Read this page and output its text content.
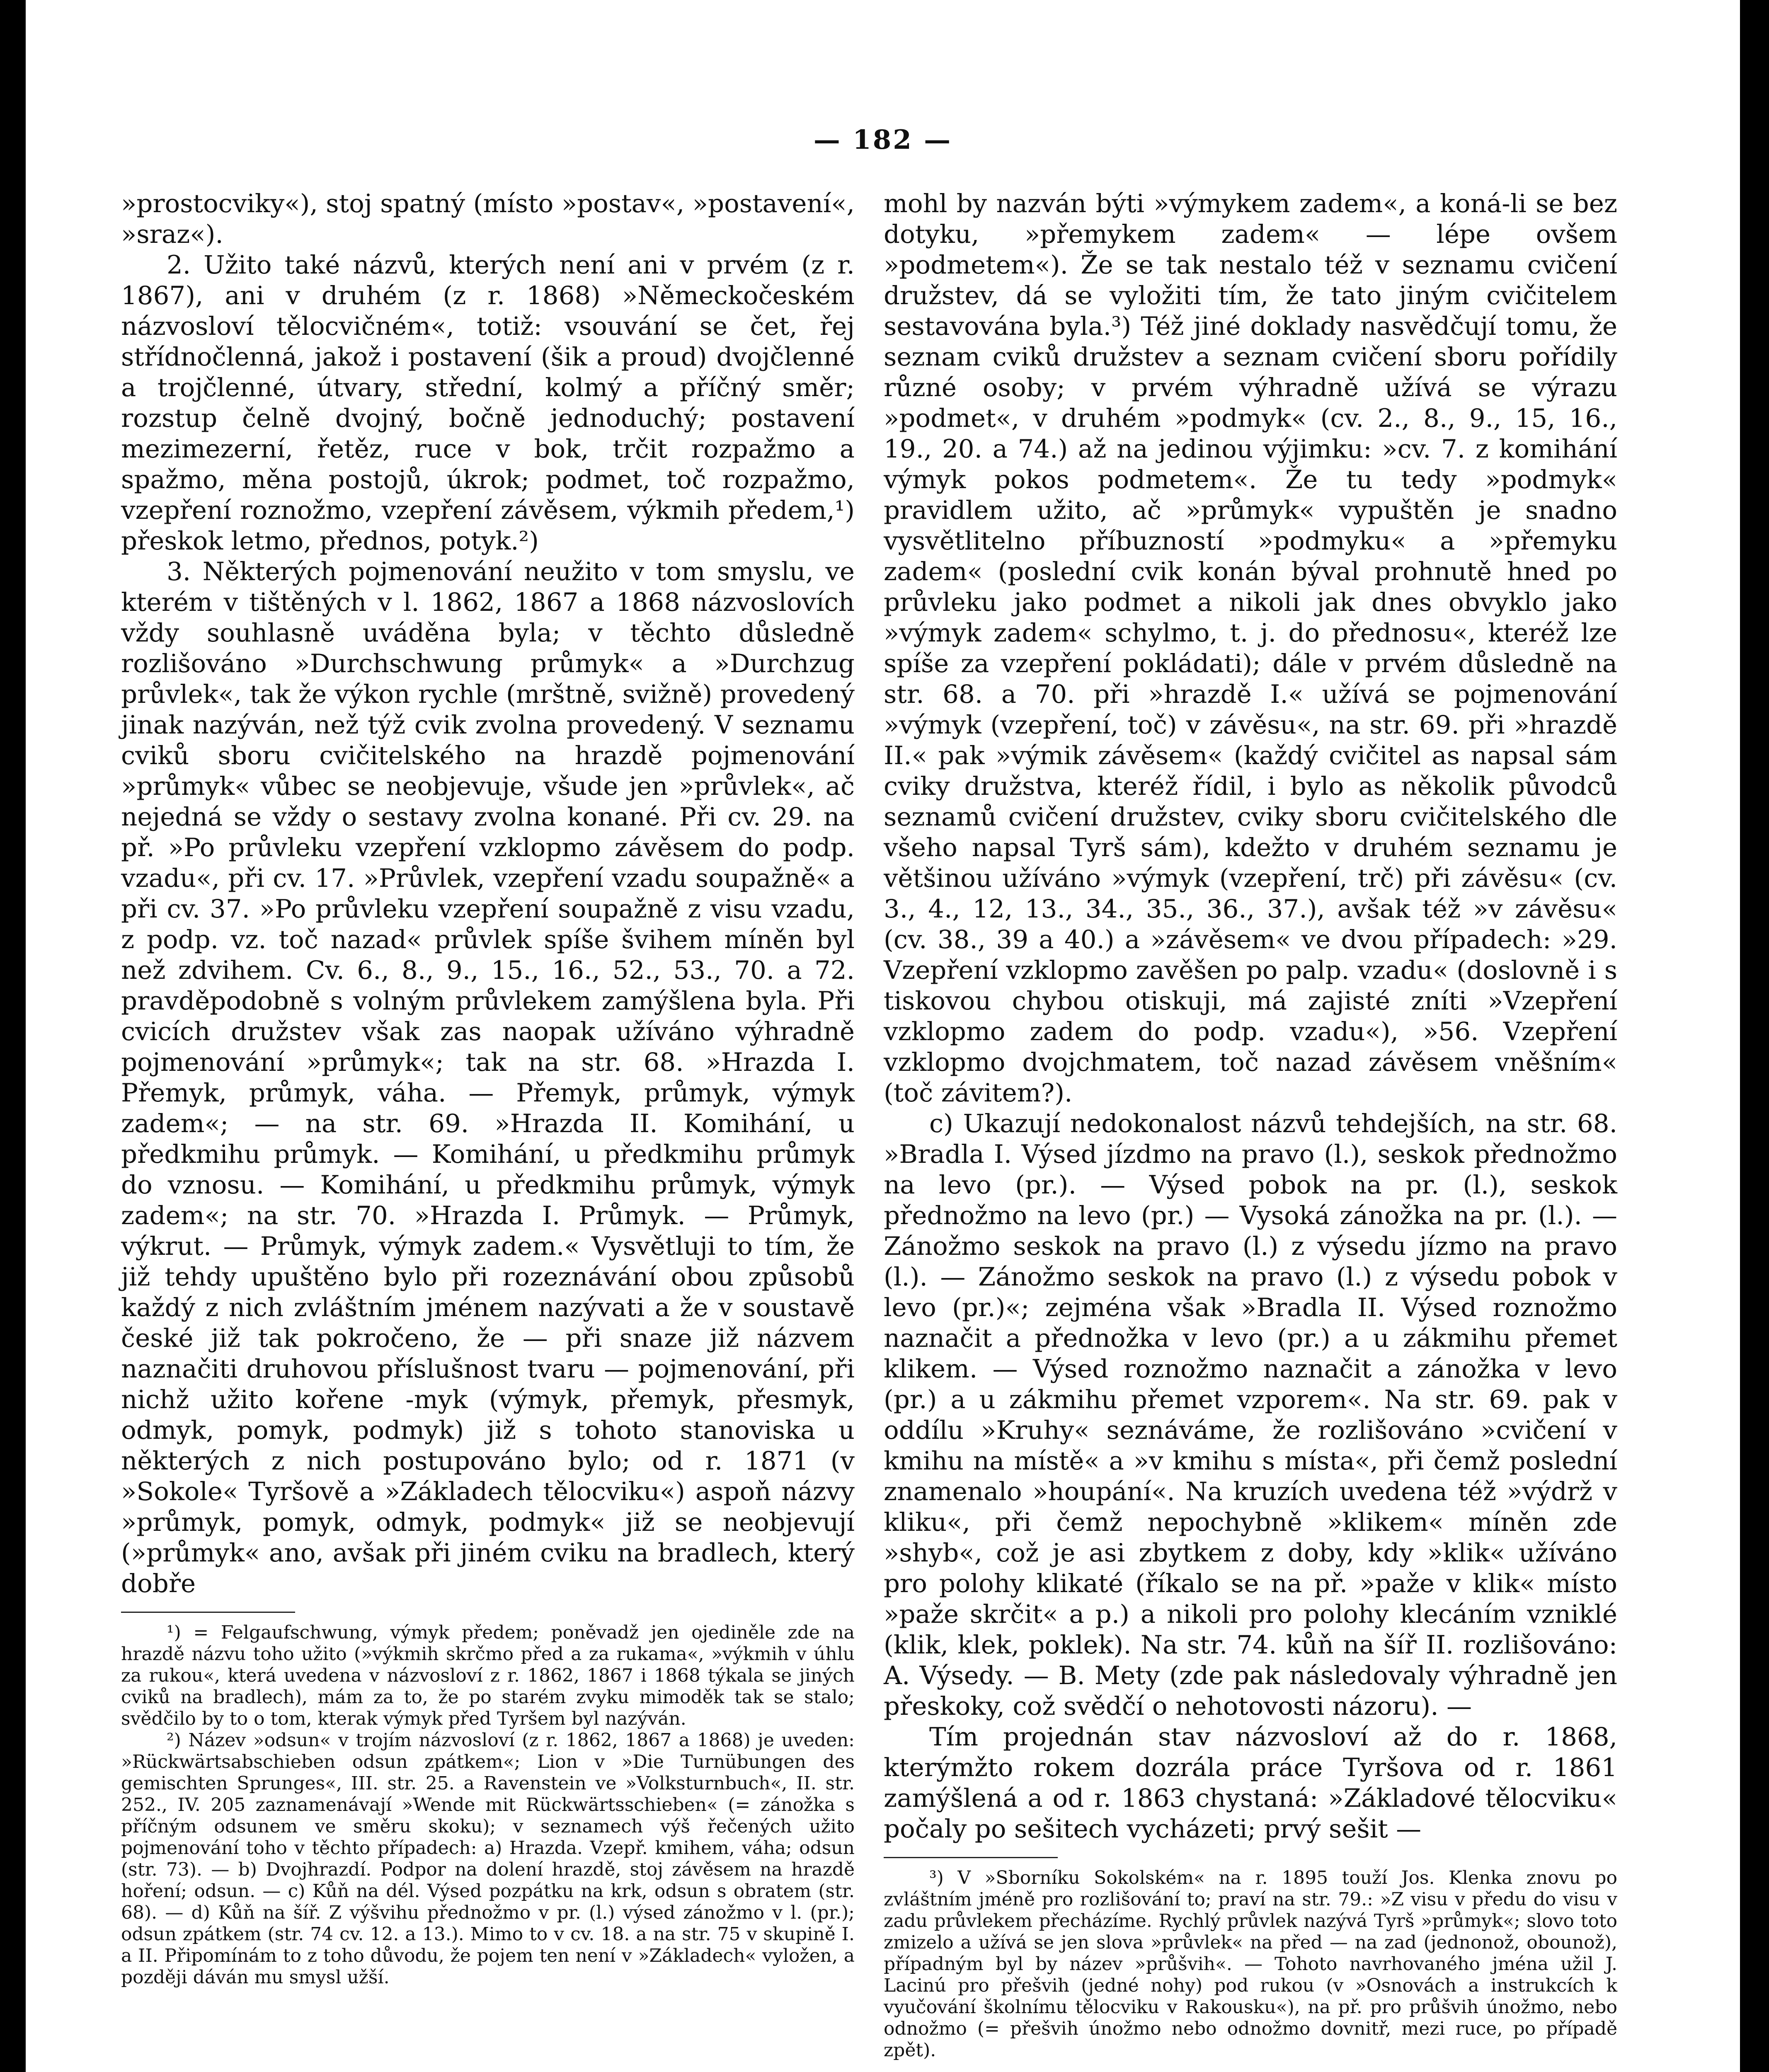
— 182 —

»prostocviky«), stoj spatný (místo »postav«, »postavení«, »sraz«).

2. Užito také názvů, kterých není ani v prvém (z r. 1867), ani v druhém (z r. 1868) »Německočeském názvosloví tělocvičném«, totiž: vsouvání se čet, řej střídnočlenná, jakož i postavení (šik a proud) dvojčlenné a trojčlenné, útvary, střední, kolmý a příčný směr; rozstup čelně dvojný, bočně jednoduchý; postavení mezimezerní, řetěz, ruce v bok, trčit rozpažmo a spažmo, měna postojů, úkrok; podmet, toč rozpažmo, vzepření roznožmo, vzepření závěsem, výkmih předem,¹) přeskok letmo, přednos, potyk.²)

3. Některých pojmenování neužito v tom smyslu, ve kterém v tištěných v l. 1862, 1867 a 1868 názvoslovích vždy souhlasně uváděna byla; v těchto důsledně rozlišováno »Durchschwung průmyk« a »Durchzug průvlek«, tak že výkon rychle (mrštně, svižně) provedený jinak nazýván, než týž cvik zvolna provedený. V seznamu cviků sboru cvičitelského na hrazdě pojmenování »průmyk« vůbec se neobjevuje, všude jen »průvlek«, ač nejedná se vždy o sestavy zvolna konané. Při cv. 29. na př. »Po průvleku vzepření vzklopmo závěsem do podp. vzadu«, při cv. 17. »Průvlek, vzepření vzadu soupažně« a při cv. 37. »Po průvleku vzepření soupažně z visu vzadu, z podp. vz. toč nazad« průvlek spíše švihem míněn byl než zdvihem. Cv. 6., 8., 9., 15., 16., 52., 53., 70. a 72. pravděpodobně s volným průvlekem zamýšlena byla. Při cvicích družstev však zas naopak užíváno výhradně pojmenování »průmyk«; tak na str. 68. »Hrazda I. Přemyk, průmyk, váha. — Přemyk, průmyk, výmyk zadem«; — na str. 69. »Hrazda II. Komihání, u předkmihu průmyk. — Komihání, u předkmihu průmyk do vznosu. — Komihání, u předkmihu průmyk, výmyk zadem«; na str. 70. »Hrazda I. Průmyk. — Průmyk, výkrut. — Průmyk, výmyk zadem.« Vysvětluji to tím, že již tehdy upuštěno bylo při rozeznávání obou způsobů každý z nich zvláštním jménem nazývati a že v soustavě české již tak pokročeno, že — při snaze již názvem naznačiti druhovou příslušnost tvaru — pojmenování, při nichž užito kořene -myk (výmyk, přemyk, přesmyk, odmyk, pomyk, podmyk) již s tohoto stanoviska u některých z nich postupováno bylo; od r. 1871 (v »Sokole« Tyršově a »Základech tělocviku«) aspoň názvy »průmyk, pomyk, odmyk, podmyk« již se neobjevují (»průmyk« ano, avšak při jiném cviku na bradlech, který dobře

¹) = Felgaufschwung, výmyk předem; poněvadž jen ojediněle zde na hrazdě názvu toho užito (»výkmih skrčmo před a za rukama«, »výkmih v úhlu za rukou«, která uvedena v názvosloví z r. 1862, 1867 i 1868 týkala se jiných cviků na bradlech), mám za to, že po starém zvyku mimoděk tak se stalo; svědčilo by to o tom, kterak výmyk před Tyršem byl nazýván.

²) Název »odsun« v trojím názvosloví (z r. 1862, 1867 a 1868) je uveden: »Rückwärtsabschieben odsun zpátkem«; Lion v »Die Turnübungen des gemischten Sprunges«, III. str. 25. a Ravenstein ve »Volksturnbuch«, II. str. 252., IV. 205 zaznamenávají »Wende mit Rückwärtsschieben« (= zánožka s příčným odsunem ve směru skoku); v seznamech výš řečených užito pojmenování toho v těchto případech: a) Hrazda. Vzepř. kmihem, váha; odsun (str. 73). — b) Dvojhrazdí. Podpor na dolení hrazdě, stoj závěsem na hrazdě hoření; odsun. — c) Kůň na dél. Výsed pozpátku na krk, odsun s obratem (str. 68). — d) Kůň na šíř. Z výšvihu přednožmo v pr. (l.) výsed zánožmo v l. (pr.); odsun zpátkem (str. 74 cv. 12. a 13.). Mimo to v cv. 18. a na str. 75 v skupině I. a II. Připomínám to z toho důvodu, že pojem ten není v »Základech« vyložen, a později dáván mu smysl užší.

mohl by nazván býti »výmykem zadem«, a koná-li se bez dotyku, »přemykem zadem« — lépe ovšem »podmetem«). Že se tak nestalo též v seznamu cvičení družstev, dá se vyložiti tím, že tato jiným cvičitelem sestavována byla.³) Též jiné doklady nasvědčují tomu, že seznam cviků družstev a seznam cvičení sboru pořídily různé osoby; v prvém výhradně užívá se výrazu »podmet«, v druhém »podmyk« (cv. 2., 8., 9., 15, 16., 19., 20. a 74.) až na jedinou výjimku: »cv. 7. z komihání výmyk pokos podmetem«. Že tu tedy »podmyk« pravidlem užito, ač »průmyk« vypuštěn je snadno vysvětlitelno příbuzností »podmyku« a »přemyku zadem« (poslední cvik konán býval prohnutě hned po průvleku jako podmet a nikoli jak dnes obvyklo jako »výmyk zadem« schylmo, t. j. do přednosu«, kteréž lze spíše za vzepření pokládati); dále v prvém důsledně na str. 68. a 70. při »hrazdě I.« užívá se pojmenování »výmyk (vzepření, toč) v závěsu«, na str. 69. při »hrazdě II.« pak »výmik závěsem« (každý cvičitel as napsal sám cviky družstva, kteréž řídil, i bylo as několik původců seznamů cvičení družstev, cviky sboru cvičitelského dle všeho napsal Tyrš sám), kdežto v druhém seznamu je většinou užíváno »výmyk (vzepření, trč) při závěsu« (cv. 3., 4., 12, 13., 34., 35., 36., 37.), avšak též »v závěsu« (cv. 38., 39 a 40.) a »závěsem« ve dvou případech: »29. Vzepření vzklopmo zavěšen po palp. vzadu« (doslovně i s tiskovou chybou otiskuji, má zajisté zníti »Vzepření vzklopmo zadem do podp. vzadu«), »56. Vzepření vzklopmo dvojchmatem, toč nazad závěsem vněšním« (toč závitem?).

c) Ukazují nedokonalost názvů tehdejších, na str. 68. »Bradla I. Výsed jízdmo na pravo (l.), seskok přednožmo na levo (pr.). — Výsed pobok na pr. (l.), seskok přednožmo na levo (pr.) — Vysoká zánožka na pr. (l.). — Zánožmo seskok na pravo (l.) z výsedu jízmo na pravo (l.). — Zánožmo seskok na pravo (l.) z výsedu pobok v levo (pr.)«; zejména však »Bradla II. Výsed roznožmo naznačit a přednožka v levo (pr.) a u zákmihu přemet klikem. — Výsed roznožmo naznačit a zánožka v levo (pr.) a u zákmihu přemet vzporem«. Na str. 69. pak v oddílu »Kruhy« seznáváme, že rozlišováno »cvičení v kmihu na místě« a »v kmihu s místa«, při čemž poslední znamenalo »houpání«. Na kruzích uvedena též »výdrž v kliku«, při čemž nepochybně »klikem« míněn zde »shyb«, což je asi zbytkem z doby, kdy »klik« užíváno pro polohy klikaté (říkalo se na př. »paže v klik« místo »paže skrčit« a p.) a nikoli pro polohy klecáním vzniklé (klik, klek, poklek). Na str. 74. kůň na šíř II. rozlišováno: A. Výsedy. — B. Mety (zde pak následovaly výhradně jen přeskoky, což svědčí o nehotovosti názoru). —

Tím projednán stav názvosloví až do r. 1868, kterýmžto rokem dozrála práce Tyršova od r. 1861 zamýšlená a od r. 1863 chystaná: »Základové tělocviku« počaly po sešitech vycházeti; prvý sešit —

³) V »Sborníku Sokolském« na r. 1895 touží Jos. Klenka znovu po zvláštním jméně pro rozlišování to; praví na str. 79.: »Z visu v předu do visu v zadu průvlekem přecházíme. Rychlý průvlek nazývá Tyrš »průmyk«; slovo toto zmizelo a užívá se jen slova »průvlek« na před — na zad (jednonož, obounož), případným byl by název »průšvih«. — Tohoto navrhovaného jména užil J. Lacinú pro přešvih (jedné nohy) pod rukou (v »Osnovách a instrukcích k vyučování školnímu tělocviku v Rakousku«), na př. pro průšvih únožmo, nebo odnožmo (= přešvih únožmo nebo odnožmo dovnitř, mezi ruce, po případě zpět).
